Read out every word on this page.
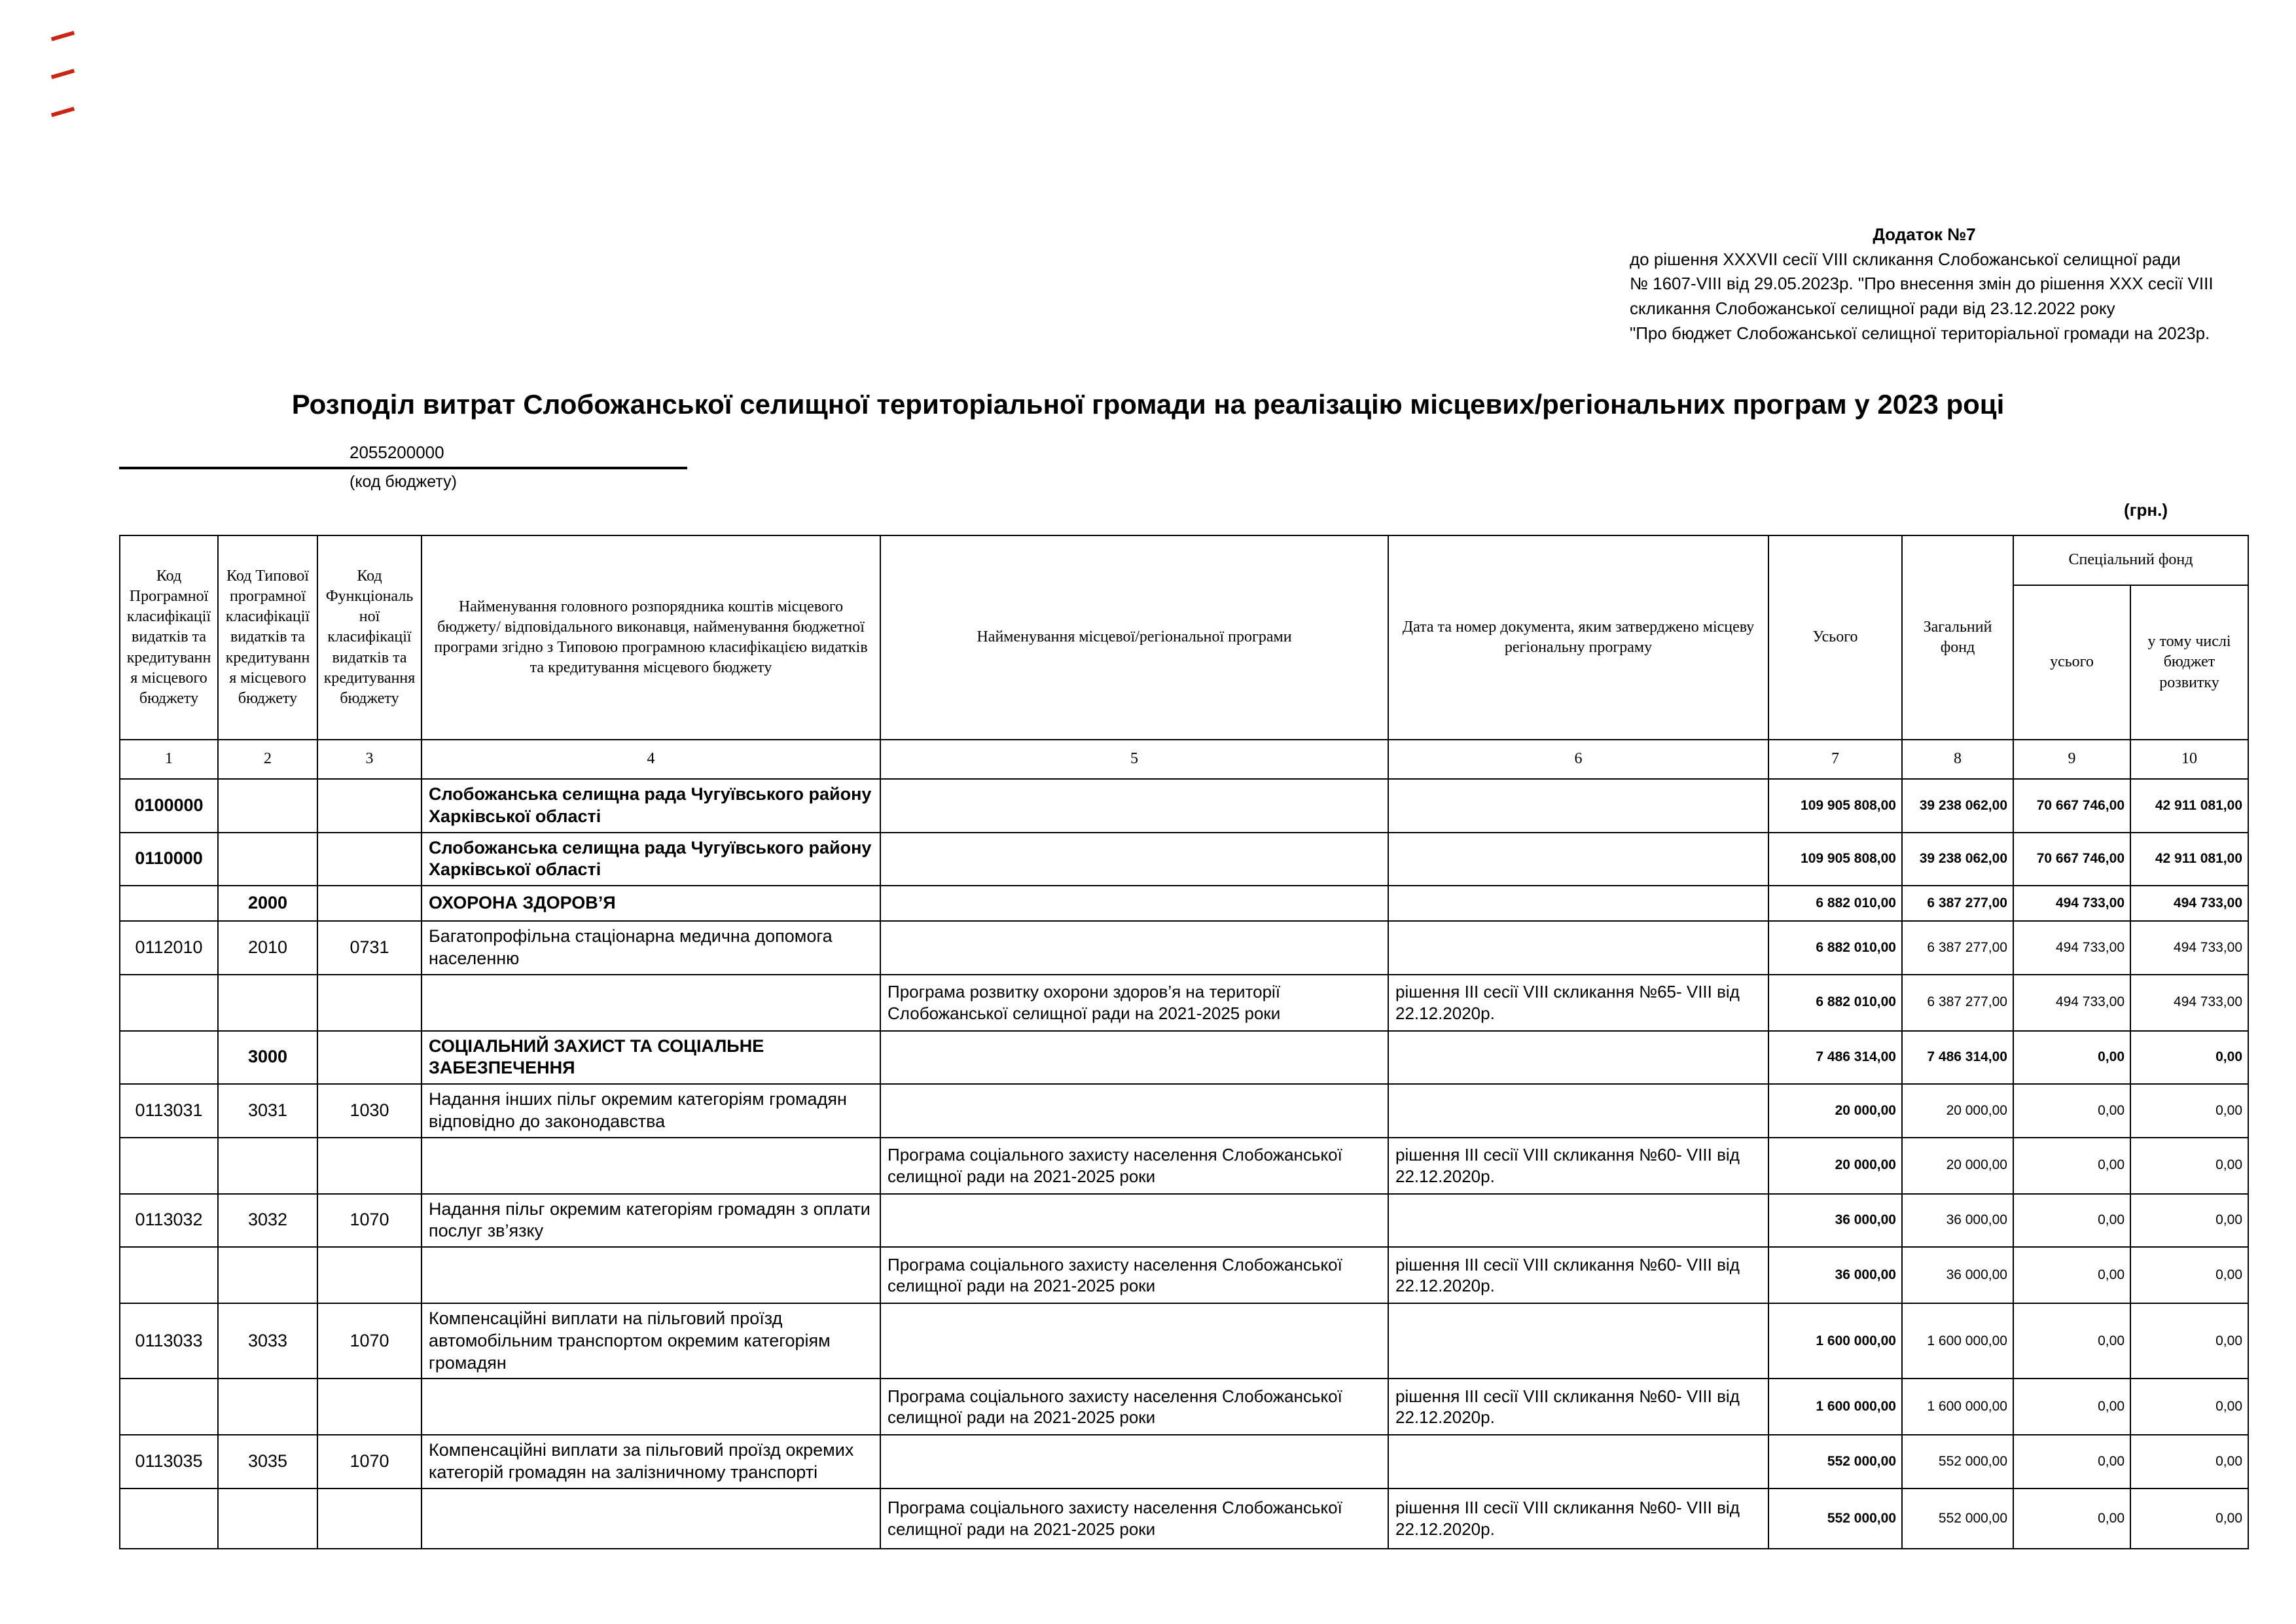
Додаток №7
до рішення XXXVII сесії VIII скликання Слобожанської селищної ради
№ 1607-VIII від 29.05.2023р. "Про внесення змін до рішення XXX сесії VIII
скликання Слобожанської селищної ради від 23.12.2022 року
"Про бюджет Слобожанської селищної територіальної громади на 2023р.
Розподіл витрат Слобожанської селищної територіальної громади на реалізацію місцевих/регіональних програм у 2023 році
2055200000
(код бюджету)
(грн.)
Код Програмної класифікації видатків та кредитування місцевого бюджету	Код Типової програмної класифікації видатків та кредитування місцевого бюджету	Код Функціональної класифікації видатків та кредитування бюджету	Найменування головного розпорядника коштів місцевого бюджету/ відповідального виконавця, найменування бюджетної програми згідно з Типовою програмною класифікацією видатків та кредитування місцевого бюджету	Найменування місцевої/регіональної програми	Дата та номер документа, яким затверджено місцеву регіональну програму	Усього	Загальний фонд	Спеціальний фонд	
								усього	у тому числі бюджет розвитку
1	2	3	4	5	6	7	8	9	10
0100000			Слобожанська селищна рада Чугуївського району Харківської області			109 905 808,00	39 238 062,00	70 667 746,00	42 911 081,00
0110000			Слобожанська селищна рада Чугуївського району Харківської області			109 905 808,00	39 238 062,00	70 667 746,00	42 911 081,00
	2000		ОХОРОНА ЗДОРОВ’Я			6 882 010,00	6 387 277,00	494 733,00	494 733,00
0112010	2010	0731	Багатопрофільна стаціонарна медична допомога населенню			6 882 010,00	6 387 277,00	494 733,00	494 733,00
				Програма розвитку охорони здоров’я на території Слобожанської селищної ради на 2021-2025 роки	рішення ІІІ сесії VIII скликання №65- VIII від 22.12.2020р.	6 882 010,00	6 387 277,00	494 733,00	494 733,00
	3000		СОЦІАЛЬНИЙ ЗАХИСТ ТА СОЦІАЛЬНЕ ЗАБЕЗПЕЧЕННЯ			7 486 314,00	7 486 314,00	0,00	0,00
0113031	3031	1030	Надання інших пільг окремим категоріям громадян відповідно до законодавства			20 000,00	20 000,00	0,00	0,00
				Програма соціального захисту населення Слобожанської селищної ради на 2021-2025 роки	рішення ІІІ сесії VIII скликання №60- VIII від 22.12.2020р.	20 000,00	20 000,00	0,00	0,00
0113032	3032	1070	Надання пільг окремим категоріям громадян з оплати послуг зв’язку			36 000,00	36 000,00	0,00	0,00
				Програма соціального захисту населення Слобожанської селищної ради на 2021-2025 роки	рішення ІІІ сесії VIII скликання №60- VIII від 22.12.2020р.	36 000,00	36 000,00	0,00	0,00
0113033	3033	1070	Компенсаційні виплати на пільговий проїзд автомобільним транспортом окремим категоріям громадян			1 600 000,00	1 600 000,00	0,00	0,00
				Програма соціального захисту населення Слобожанської селищної ради на 2021-2025 роки	рішення ІІІ сесії VIII скликання №60- VIII від 22.12.2020р.	1 600 000,00	1 600 000,00	0,00	0,00
0113035	3035	1070	Компенсаційні виплати за пільговий проїзд окремих категорій громадян на залізничному транспорті			552 000,00	552 000,00	0,00	0,00
				Програма соціального захисту населення Слобожанської селищної ради на 2021-2025 роки	рішення ІІІ сесії VIII скликання №60- VIII від 22.12.2020р.	552 000,00	552 000,00	0,00	0,00
